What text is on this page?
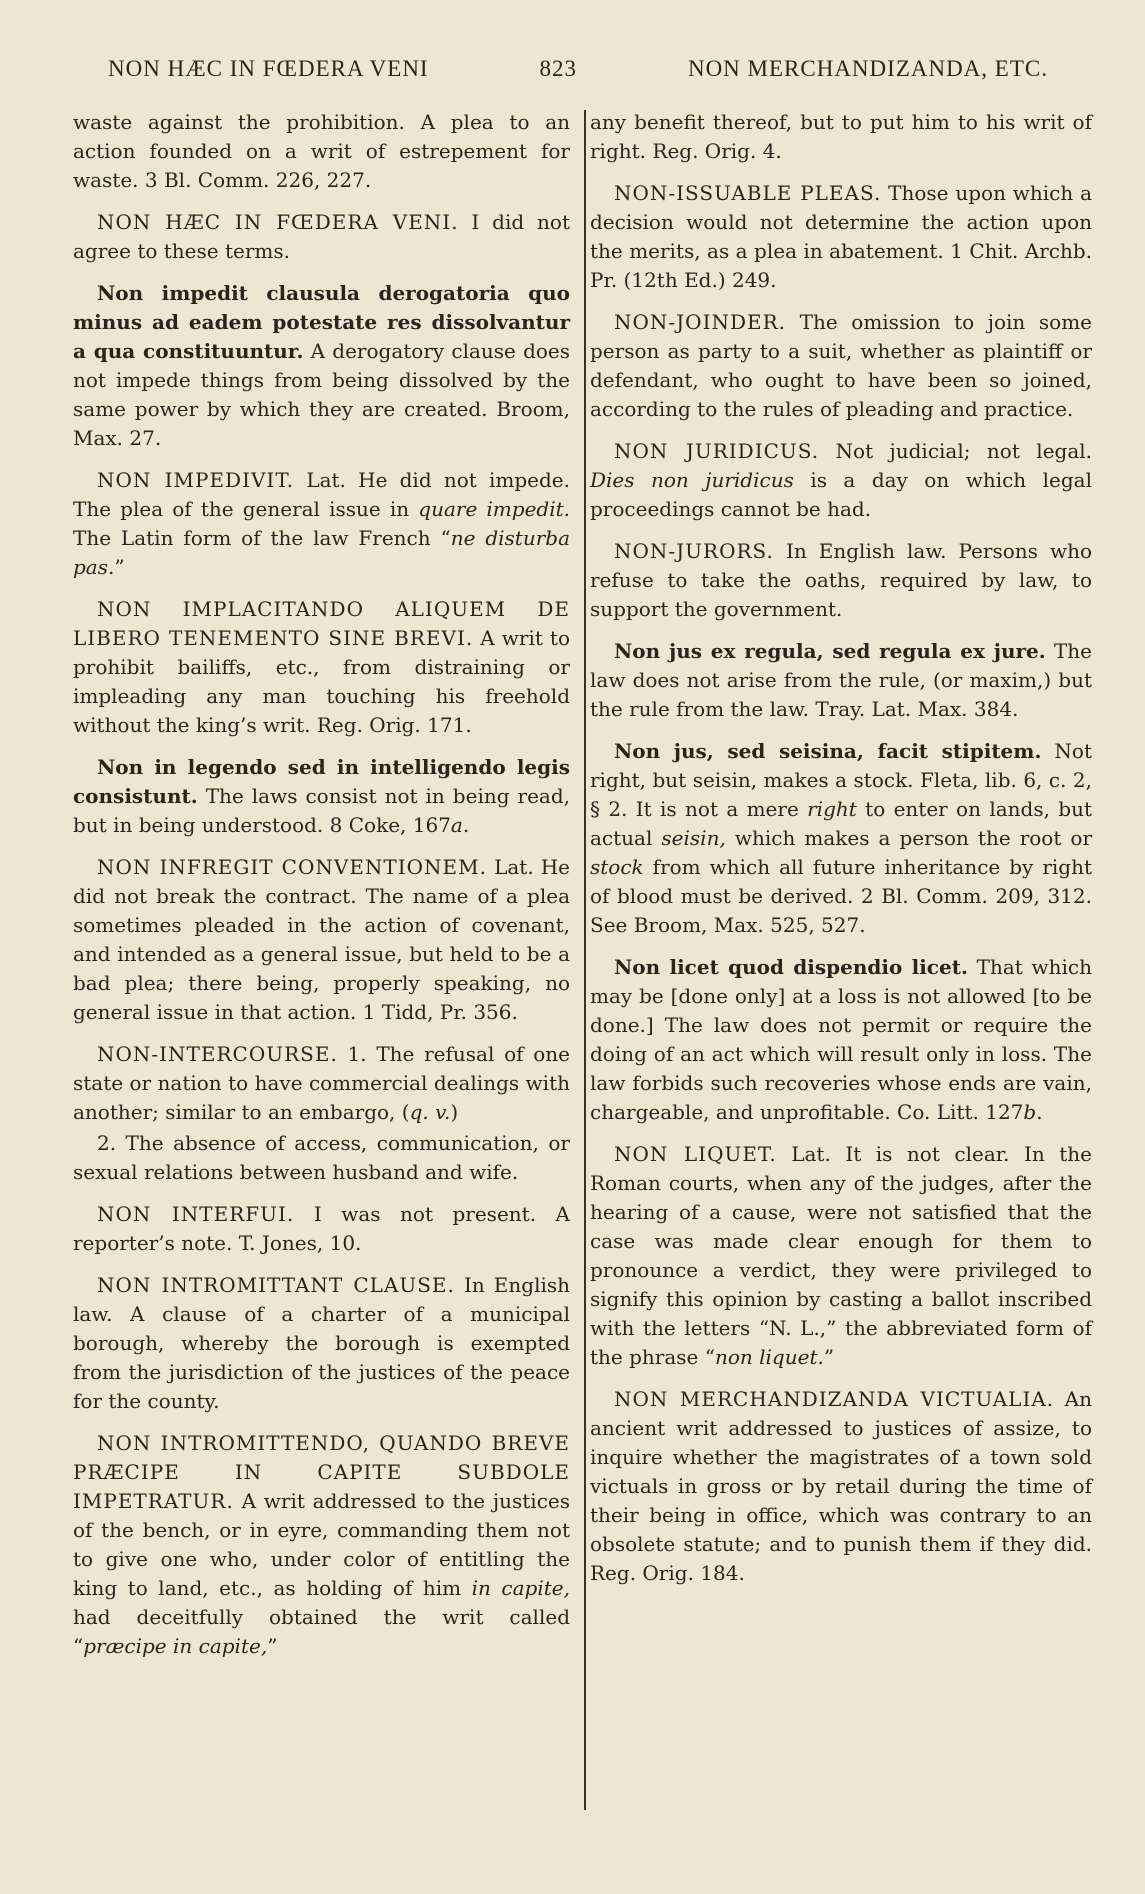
NON HÆC IN FŒDERA VENI	823	NON MERCHANDIZANDA, ETC.

waste against the prohibition. A plea to an action founded on a writ of estrepement for waste. 3 Bl. Comm. 226, 227.

NON HÆC IN FŒDERA VENI. I did not agree to these terms.

Non impedit clausula derogatoria quo minus ad eadem potestate res dissolvantur a qua constituuntur. A derogatory clause does not impede things from being dissolved by the same power by which they are created. Broom, Max. 27.

NON IMPEDIVIT. Lat. He did not impede. The plea of the general issue in quare impedit. The Latin form of the law French “ne disturba pas.”

NON IMPLACITANDO ALIQUEM DE LIBERO TENEMENTO SINE BREVI. A writ to prohibit bailiffs, etc., from distraining or impleading any man touching his freehold without the king’s writ. Reg. Orig. 171.

Non in legendo sed in intelligendo legis consistunt. The laws consist not in being read, but in being understood. 8 Coke, 167a.

NON INFREGIT CONVENTIONEM. Lat. He did not break the contract. The name of a plea sometimes pleaded in the action of covenant, and intended as a general issue, but held to be a bad plea; there being, properly speaking, no general issue in that action. 1 Tidd, Pr. 356.

NON-INTERCOURSE. 1. The refusal of one state or nation to have commercial dealings with another; similar to an embargo, (q. v.)

2. The absence of access, communication, or sexual relations between husband and wife.

NON INTERFUI. I was not present. A reporter’s note. T. Jones, 10.

NON INTROMITTANT CLAUSE. In English law. A clause of a charter of a municipal borough, whereby the borough is exempted from the jurisdiction of the justices of the peace for the county.

NON INTROMITTENDO, QUANDO BREVE PRÆCIPE IN CAPITE SUBDOLE IMPETRATUR. A writ addressed to the justices of the bench, or in eyre, commanding them not to give one who, under color of entitling the king to land, etc., as holding of him in capite, had deceitfully obtained the writ called “præcipe in capite,”

any benefit thereof, but to put him to his writ of right. Reg. Orig. 4.

NON-ISSUABLE PLEAS. Those upon which a decision would not determine the action upon the merits, as a plea in abatement. 1 Chit. Archb. Pr. (12th Ed.) 249.

NON-JOINDER. The omission to join some person as party to a suit, whether as plaintiff or defendant, who ought to have been so joined, according to the rules of pleading and practice.

NON JURIDICUS. Not judicial; not legal. Dies non juridicus is a day on which legal proceedings cannot be had.

NON-JURORS. In English law. Persons who refuse to take the oaths, required by law, to support the government.

Non jus ex regula, sed regula ex jure. The law does not arise from the rule, (or maxim,) but the rule from the law. Tray. Lat. Max. 384.

Non jus, sed seisina, facit stipitem. Not right, but seisin, makes a stock. Fleta, lib. 6, c. 2, § 2. It is not a mere right to enter on lands, but actual seisin, which makes a person the root or stock from which all future inheritance by right of blood must be derived. 2 Bl. Comm. 209, 312. See Broom, Max. 525, 527.

Non licet quod dispendio licet. That which may be [done only] at a loss is not allowed [to be done.] The law does not permit or require the doing of an act which will result only in loss. The law forbids such recoveries whose ends are vain, chargeable, and unprofitable. Co. Litt. 127b.

NON LIQUET. Lat. It is not clear. In the Roman courts, when any of the judges, after the hearing of a cause, were not satisfied that the case was made clear enough for them to pronounce a verdict, they were privileged to signify this opinion by casting a ballot inscribed with the letters “N. L.,” the abbreviated form of the phrase “non liquet.”

NON MERCHANDIZANDA VICTUALIA. An ancient writ addressed to justices of assize, to inquire whether the magistrates of a town sold victuals in gross or by retail during the time of their being in office, which was contrary to an obsolete statute; and to punish them if they did. Reg. Orig. 184.
